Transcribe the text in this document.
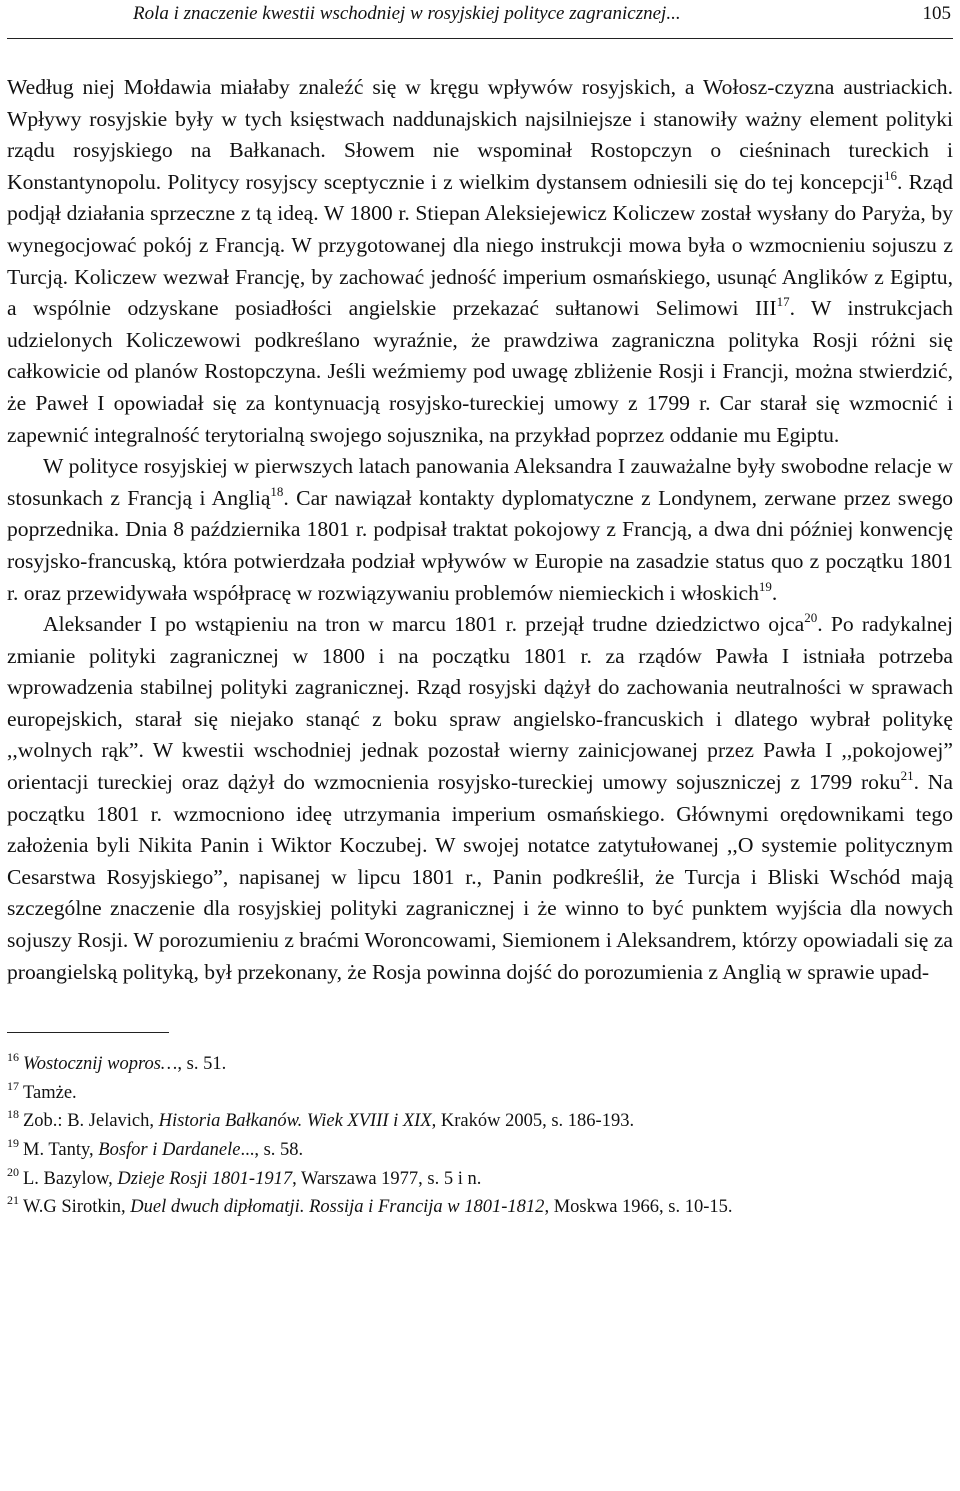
Rola i znaczenie kwestii wschodniej w rosyjskiej polityce zagranicznej...	105

Według niej Mołdawia miałaby znaleźć się w kręgu wpływów rosyjskich, a Wołosz-czyzna austriackich. Wpływy rosyjskie były w tych księstwach naddunajskich najsilniejsze i stanowiły ważny element polityki rządu rosyjskiego na Bałkanach. Słowem nie wspominał Rostopczyn o cieśninach tureckich i Konstantynopolu. Politycy rosyjscy sceptycznie i z wielkim dystansem odniesili się do tej koncepcji$^{16}$. Rząd podjął działania sprzeczne z tą ideą. W 1800 r. Stiepan Aleksiejewicz Koliczew został wysłany do Paryża, by wynegocjować pokój z Francją. W przygotowanej dla niego instrukcji mowa była o wzmocnieniu sojuszu z Turcją. Koliczew wezwał Francję, by zachować jedność imperium osmańskiego, usunąć Anglików z Egiptu, a wspólnie odzyskane posiadłości angielskie przekazać sułtanowi Selimowi III$^{17}$. W instrukcjach udzielonych Koliczewowi podkreślano wyraźnie, że prawdziwa zagraniczna polityka Rosji różni się całkowicie od planów Rostopczyna. Jeśli weźmiemy pod uwagę zbliżenie Rosji i Francji, można stwierdzić, że Paweł I opowiadał się za kontynuacją rosyjsko-tureckiej umowy z 1799 r. Car starał się wzmocnić i zapewnić integralność terytorialną swojego sojusznika, na przykład poprzez oddanie mu Egiptu.

W polityce rosyjskiej w pierwszych latach panowania Aleksandra I zauważalne były swobodne relacje w stosunkach z Francją i Anglią$^{18}$. Car nawiązał kontakty dyplomatyczne z Londynem, zerwane przez swego poprzednika. Dnia 8 października 1801 r. podpisał traktat pokojowy z Francją, a dwa dni później konwencję rosyjsko-francuską, która potwierdzała podział wpływów w Europie na zasadzie status quo z początku 1801 r. oraz przewidywała współpracę w rozwiązywaniu problemów niemieckich i włoskich$^{19}$.

Aleksander I po wstąpieniu na tron w marcu 1801 r. przejął trudne dziedzictwo ojca$^{20}$. Po radykalnej zmianie polityki zagranicznej w 1800 i na początku 1801 r. za rządów Pawła I istniała potrzeba wprowadzenia stabilnej polityki zagranicznej. Rząd rosyjski dążył do zachowania neutralności w sprawach europejskich, starał się niejako stanąć z boku spraw angielsko-francuskich i dlatego wybrał politykę ,,wolnych rąk”. W kwestii wschodniej jednak pozostał wierny zainicjowanej przez Pawła I ,,pokojowej” orientacji tureckiej oraz dążył do wzmocnienia rosyjsko-tureckiej umowy sojuszniczej z 1799 roku$^{21}$. Na początku 1801 r. wzmocniono ideę utrzymania imperium osmańskiego. Głównymi orędownikami tego założenia byli Nikita Panin i Wiktor Koczubej. W swojej notatce zatytułowanej ,,O systemie politycznym Cesarstwa Rosyjskiego”, napisanej w lipcu 1801 r., Panin podkreślił, że Turcja i Bliski Wschód mają szczególne znaczenie dla rosyjskiej polityki zagranicznej i że winno to być punktem wyjścia dla nowych sojuszy Rosji. W porozumieniu z braćmi Woroncowami, Siemionem i Aleksandrem, którzy opowiadali się za proangielską polityką, był przekonany, że Rosja powinna dojść do porozumienia z Anglią w sprawie upad-

$^{16}$ Wostocznij wopros…, s. 51.
$^{17}$ Tamże.
$^{18}$ Zob.: B. Jelavich, Historia Bałkanów. Wiek XVIII i XIX, Kraków 2005, s. 186-193.
$^{19}$ M. Tanty, Bosfor i Dardanele..., s. 58.
$^{20}$ L. Bazylow, Dzieje Rosji 1801-1917, Warszawa 1977, s. 5 i n.
$^{21}$ W.G Sirotkin, Duel dwuch dipłomatji. Rossija i Francija w 1801-1812, Moskwa 1966, s. 10-15.
